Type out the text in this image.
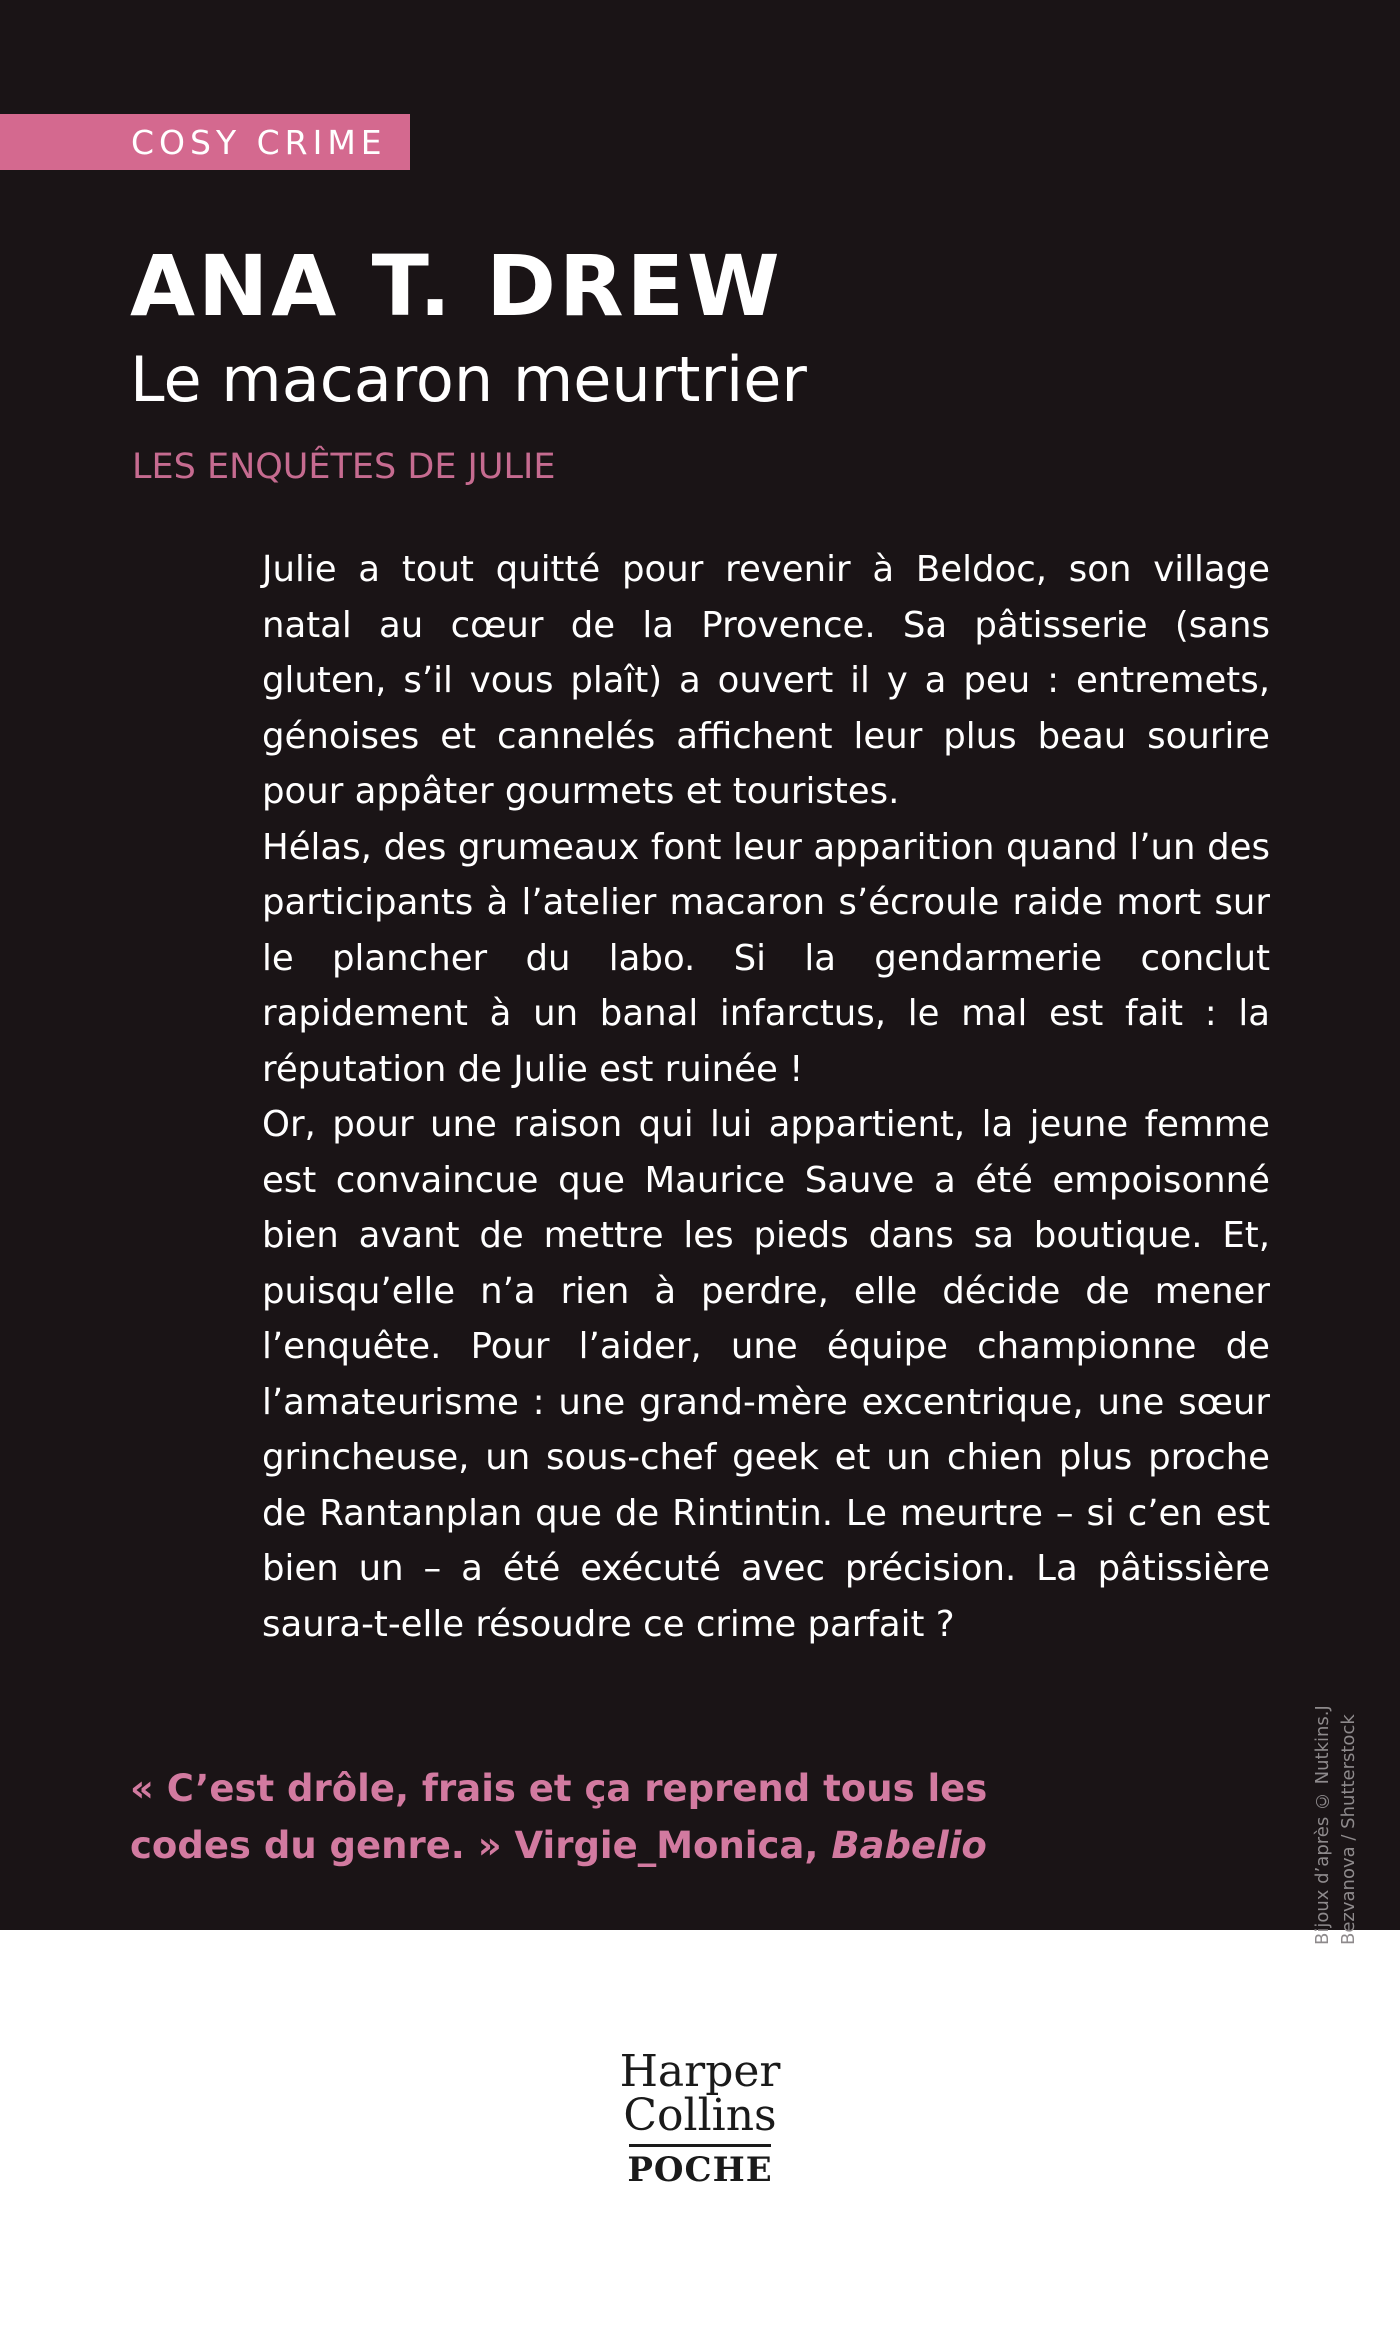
COSY CRIME
ANA T. DREW
Le macaron meurtrier
LES ENQUÊTES DE JULIE

Julie a tout quitté pour revenir à Beldoc, son village natal au cœur de la Provence. Sa pâtisserie (sans gluten, s’il vous plaît) a ouvert il y a peu : entremets, génoises et cannelés affichent leur plus beau sourire pour appâter gourmets et touristes.

Hélas, des grumeaux font leur apparition quand l’un des participants à l’atelier macaron s’écroule raide mort sur le plancher du labo. Si la gendarmerie conclut rapidement à un banal infarctus, le mal est fait : la réputation de Julie est ruinée !

Or, pour une raison qui lui appartient, la jeune femme est convaincue que Maurice Sauve a été empoisonné bien avant de mettre les pieds dans sa boutique. Et, puisqu’elle n’a rien à perdre, elle décide de mener l’enquête. Pour l’aider, une équipe championne de l’amateurisme : une grand-mère excentrique, une sœur grincheuse, un sous-chef geek et un chien plus proche de Rantanplan que de Rintintin. Le meurtre – si c’en est bien un – a été exécuté avec précision. La pâtissière saura-t-elle résoudre ce crime parfait ?

« C’est drôle, frais et ça reprend tous les codes du genre. » Virgie_Monica, Babelio	Bijoux d’après © Nutkins.J Bezvanova / Shutterstock
Harper
Collins
POCHE
